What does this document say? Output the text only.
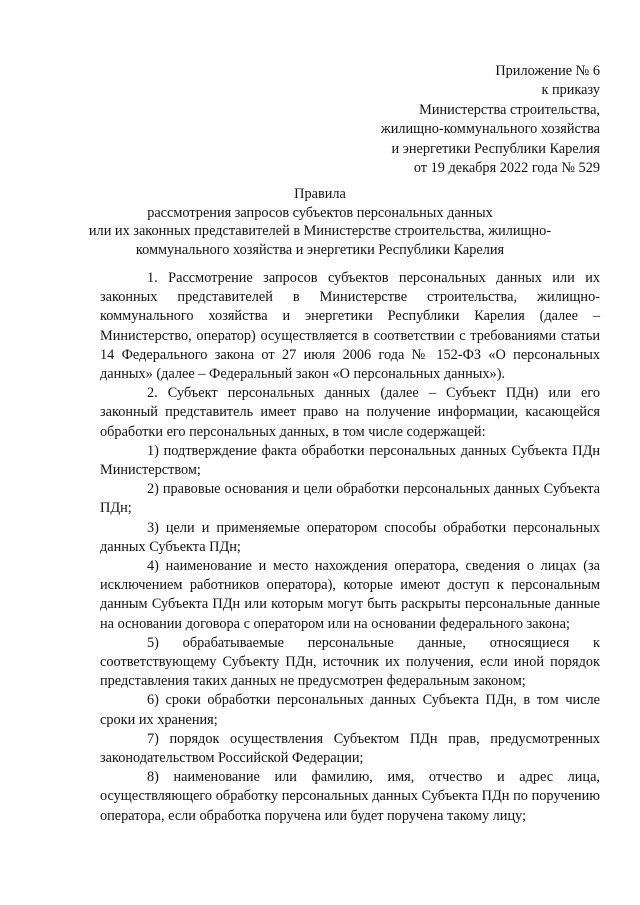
Приложение № 6
к приказу
Министерства строительства,
жилищно-коммунального хозяйства
и энергетики Республики Карелия
от 19 декабря 2022 года № 529
Правила
рассмотрения запросов субъектов персональных данных
или их законных представителей в Министерстве строительства, жилищно-
коммунального хозяйства и энергетики Республики Карелия

1. Рассмотрение запросов субъектов персональных данных или их законных представителей в Министерстве строительства, жилищно-коммунального хозяйства и энергетики Республики Карелия (далее – Министерство, оператор) осуществляется в соответствии с требованиями статьи 14 Федерального закона от 27 июля 2006 года № 152-ФЗ «О персональных данных» (далее – Федеральный закон «О персональных данных»).

2. Субъект персональных данных (далее – Субъект ПДн) или его законный представитель имеет право на получение информации, касающейся обработки его персональных данных, в том числе содержащей:

1) подтверждение факта обработки персональных данных Субъекта ПДн Министерством;

2) правовые основания и цели обработки персональных данных Субъекта ПДн;

3) цели и применяемые оператором способы обработки персональных данных Субъекта ПДн;

4) наименование и место нахождения оператора, сведения о лицах (за исключением работников оператора), которые имеют доступ к персональным данным Субъекта ПДн или которым могут быть раскрыты персональные данные на основании договора с оператором или на основании федерального закона;

5) обрабатываемые персональные данные, относящиеся к соответствующему Субъекту ПДн, источник их получения, если иной порядок представления таких данных не предусмотрен федеральным законом;

6) сроки обработки персональных данных Субъекта ПДн, в том числе сроки их хранения;

7) порядок осуществления Субъектом ПДн прав, предусмотренных законодательством Российской Федерации;

8) наименование или фамилию, имя, отчество и адрес лица, осуществляющего обработку персональных данных Субъекта ПДн по поручению оператора, если обработка поручена или будет поручена такому лицу;
